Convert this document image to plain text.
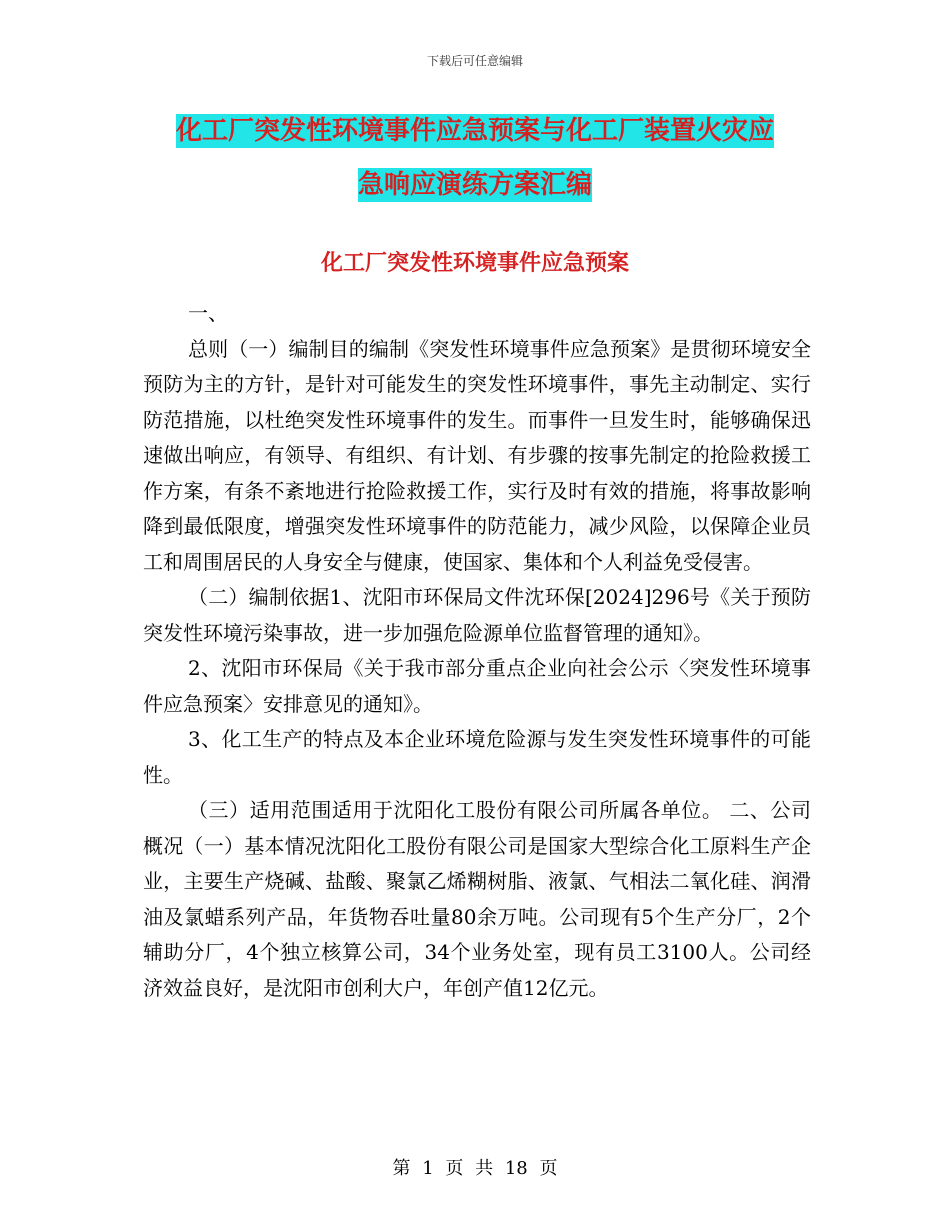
下载后可任意编辑
化工厂突发性环境事件应急预案与化工厂装置火灾应
急响应演练方案汇编
化工厂突发性环境事件应急预案

一、

总则（一）编制目的编制《突发性环境事件应急预案》是贯彻环境安全预防为主的方针，是针对可能发生的突发性环境事件，事先主动制定、实行防范措施，以杜绝突发性环境事件的发生。而事件一旦发生时，能够确保迅速做出响应，有领导、有组织、有计划、有步骤的按事先制定的抢险救援工作方案，有条不紊地进行抢险救援工作，实行及时有效的措施，将事故影响降到最低限度，增强突发性环境事件的防范能力，减少风险，以保障企业员工和周围居民的人身安全与健康，使国家、集体和个人利益免受侵害。

（二）编制依据1、沈阳市环保局文件沈环保[2024]296号《关于预防突发性环境污染事故，进一步加强危险源单位监督管理的通知》。

2、沈阳市环保局《关于我市部分重点企业向社会公示〈突发性环境事件应急预案〉安排意见的通知》。

3、化工生产的特点及本企业环境危险源与发生突发性环境事件的可能性。

（三）适用范围适用于沈阳化工股份有限公司所属各单位。 二、公司概况（一）基本情况沈阳化工股份有限公司是国家大型综合化工原料生产企业，主要生产烧碱、盐酸、聚氯乙烯糊树脂、液氯、气相法二氧化硅、润滑油及氯蜡系列产品，年货物吞吐量80余万吨。公司现有5个生产分厂，2个辅助分厂，4个独立核算公司，34个业务处室，现有员工3100人。公司经济效益良好，是沈阳市创利大户，年创产值12亿元。

第 1 页 共 18 页
